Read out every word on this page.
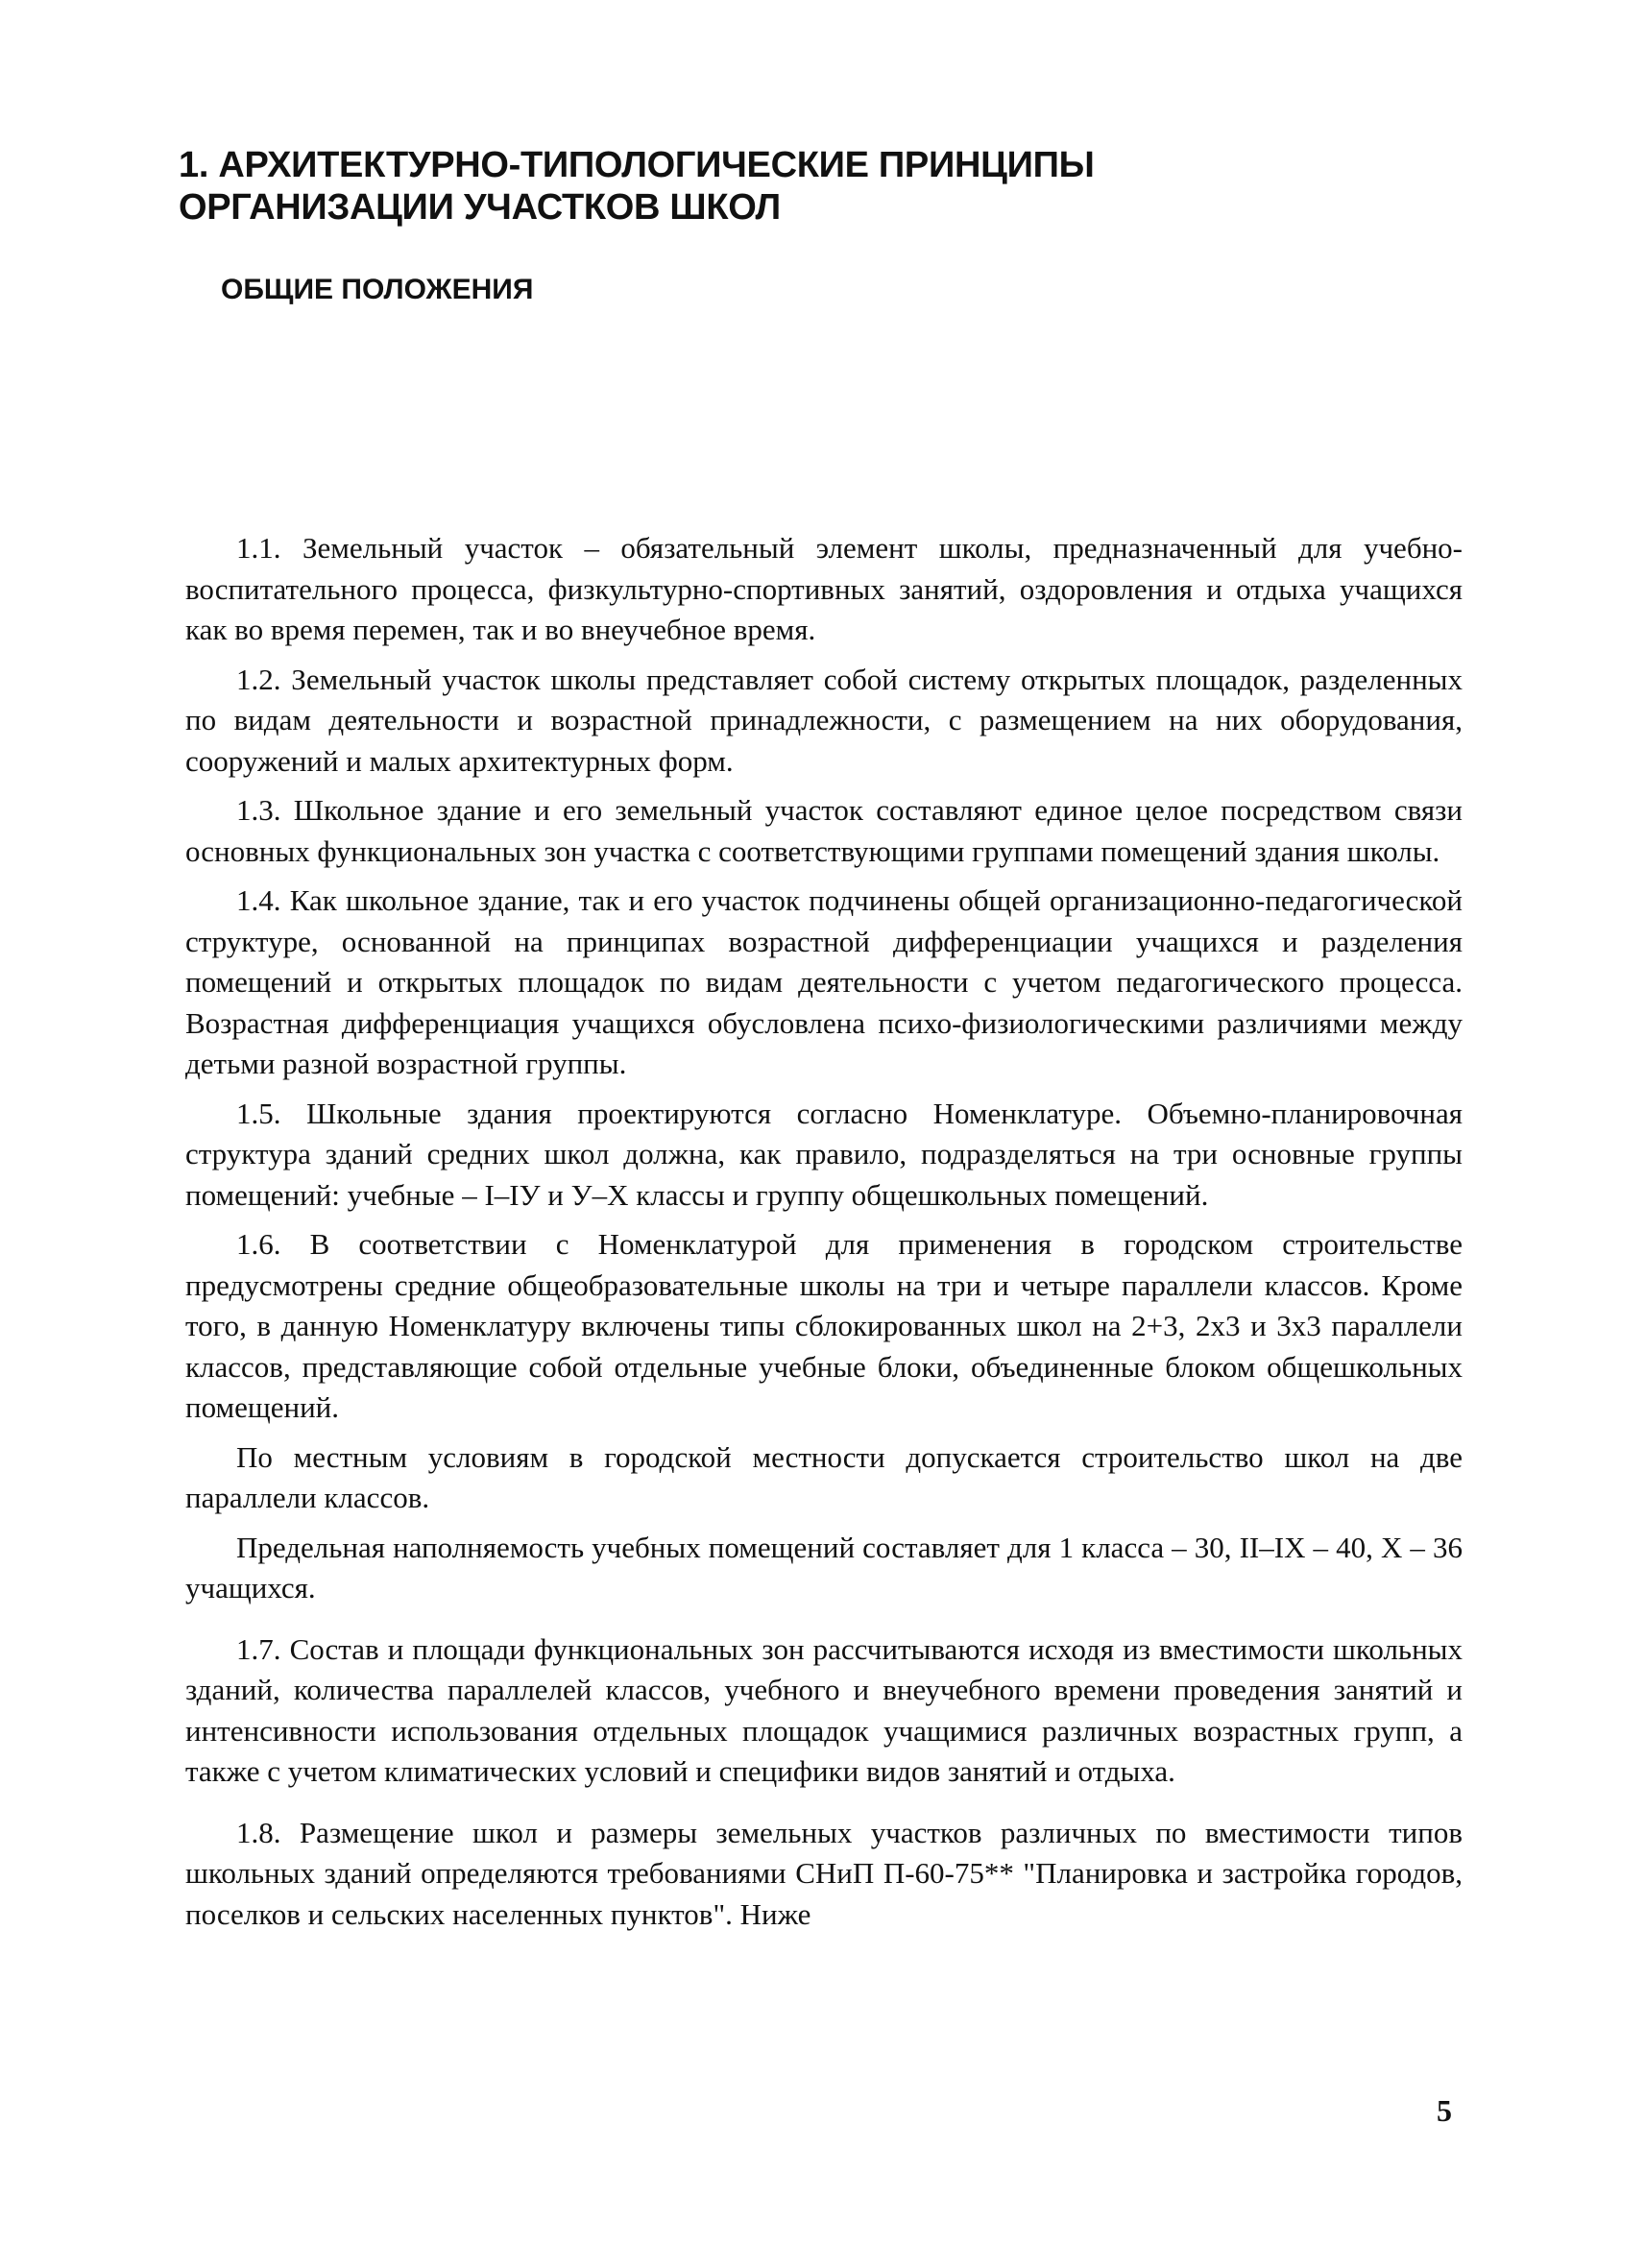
1. АРХИТЕКТУРНО-ТИПОЛОГИЧЕСКИЕ ПРИНЦИПЫ
ОРГАНИЗАЦИИ УЧАСТКОВ ШКОЛ
ОБЩИЕ ПОЛОЖЕНИЯ

1.1. Земельный участок – обязательный элемент школы, предназначенный для учебно-воспитательного процесса, физкультурно-спортивных занятий, оздоровления и отдыха учащихся как во время перемен, так и во внеучебное время.

1.2. Земельный участок школы представляет собой систему открытых площадок, разделенных по видам деятельности и возрастной принадлежности, с размещением на них оборудования, сооружений и малых архитектурных форм.

1.3. Школьное здание и его земельный участок составляют единое целое посредством связи основных функциональных зон участка с соответствующими группами помещений здания школы.

1.4. Как школьное здание, так и его участок подчинены общей организационно-педагогической структуре, основанной на принципах возрастной дифференциации учащихся и разделения помещений и открытых площадок по видам деятельности с учетом педагогического процесса. Возрастная дифференциация учащихся обусловлена психо-физиологическими различиями между детьми разной возрастной группы.

1.5. Школьные здания проектируются согласно Номенклатуре. Объемно-планировочная структура зданий средних школ должна, как правило, подразделяться на три основные группы помещений: учебные – I–IУ и У–X классы и группу общешкольных помещений.

1.6. В соответствии с Номенклатурой для применения в городском строительстве предусмотрены средние общеобразовательные школы на три и четыре параллели классов. Кроме того, в данную Номенклатуру включены типы сблокированных школ на 2+3, 2х3 и 3х3 параллели классов, представляющие собой отдельные учебные блоки, объединенные блоком общешкольных помещений.

По местным условиям в городской местности допускается строительство школ на две параллели классов.

Предельная наполняемость учебных помещений составляет для 1 класса – 30, II–IX – 40, X – 36 учащихся.

1.7. Состав и площади функциональных зон рассчитываются исходя из вместимости школьных зданий, количества параллелей классов, учебного и внеучебного времени проведения занятий и интенсивности использования отдельных площадок учащимися различных возрастных групп, а также с учетом климатических условий и специфики видов занятий и отдыха.

1.8. Размещение школ и размеры земельных участков различных по вместимости типов школьных зданий определяются требованиями СНиП П-60-75** "Планировка и застройка городов, поселков и сельских населенных пунктов". Ниже

5
